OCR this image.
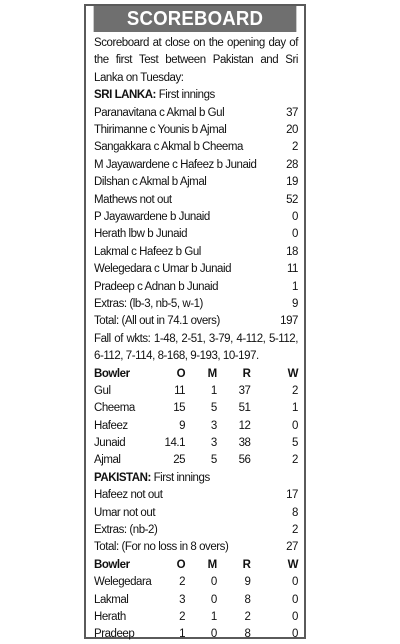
SCOREBOARD
Scoreboard at close on the opening day of the first Test between Pakistan and Sri Lanka on Tuesday:
SRI LANKA: First innings
Paranavitana c Akmal b Gul	37
Thirimanne c Younis b Ajmal	20
Sangakkara c Akmal b Cheema	2
M Jayawardene c Hafeez b Junaid	28
Dilshan c Akmal b Ajmal	19
Mathews not out	52
P Jayawardene b Junaid	0
Herath lbw b Junaid	0
Lakmal c Hafeez b Gul	18
Welegedara c Umar b Junaid	11
Pradeep c Adnan b Junaid	1
Extras: (lb-3, nb-5, w-1)	9
Total: (All out in 74.1 overs)	197
Fall of wkts: 1-48, 2-51, 3-79, 4-112, 5-112, 6-112, 7-114, 8-168, 9-193, 10-197.
Bowler	O	M	R	W
Gul	11	1	37	2
Cheema	15	5	51	1
Hafeez	9	3	12	0
Junaid	14.1	3	38	5
Ajmal	25	5	56	2
PAKISTAN: First innings
Hafeez not out	17
Umar not out	8
Extras: (nb-2)	2
Total: (For no loss in 8 overs)	27
Bowler	O	M	R	W
Welegedara	2	0	9	0
Lakmal	3	0	8	0
Herath	2	1	2	0
Pradeep	1	0	8	0
